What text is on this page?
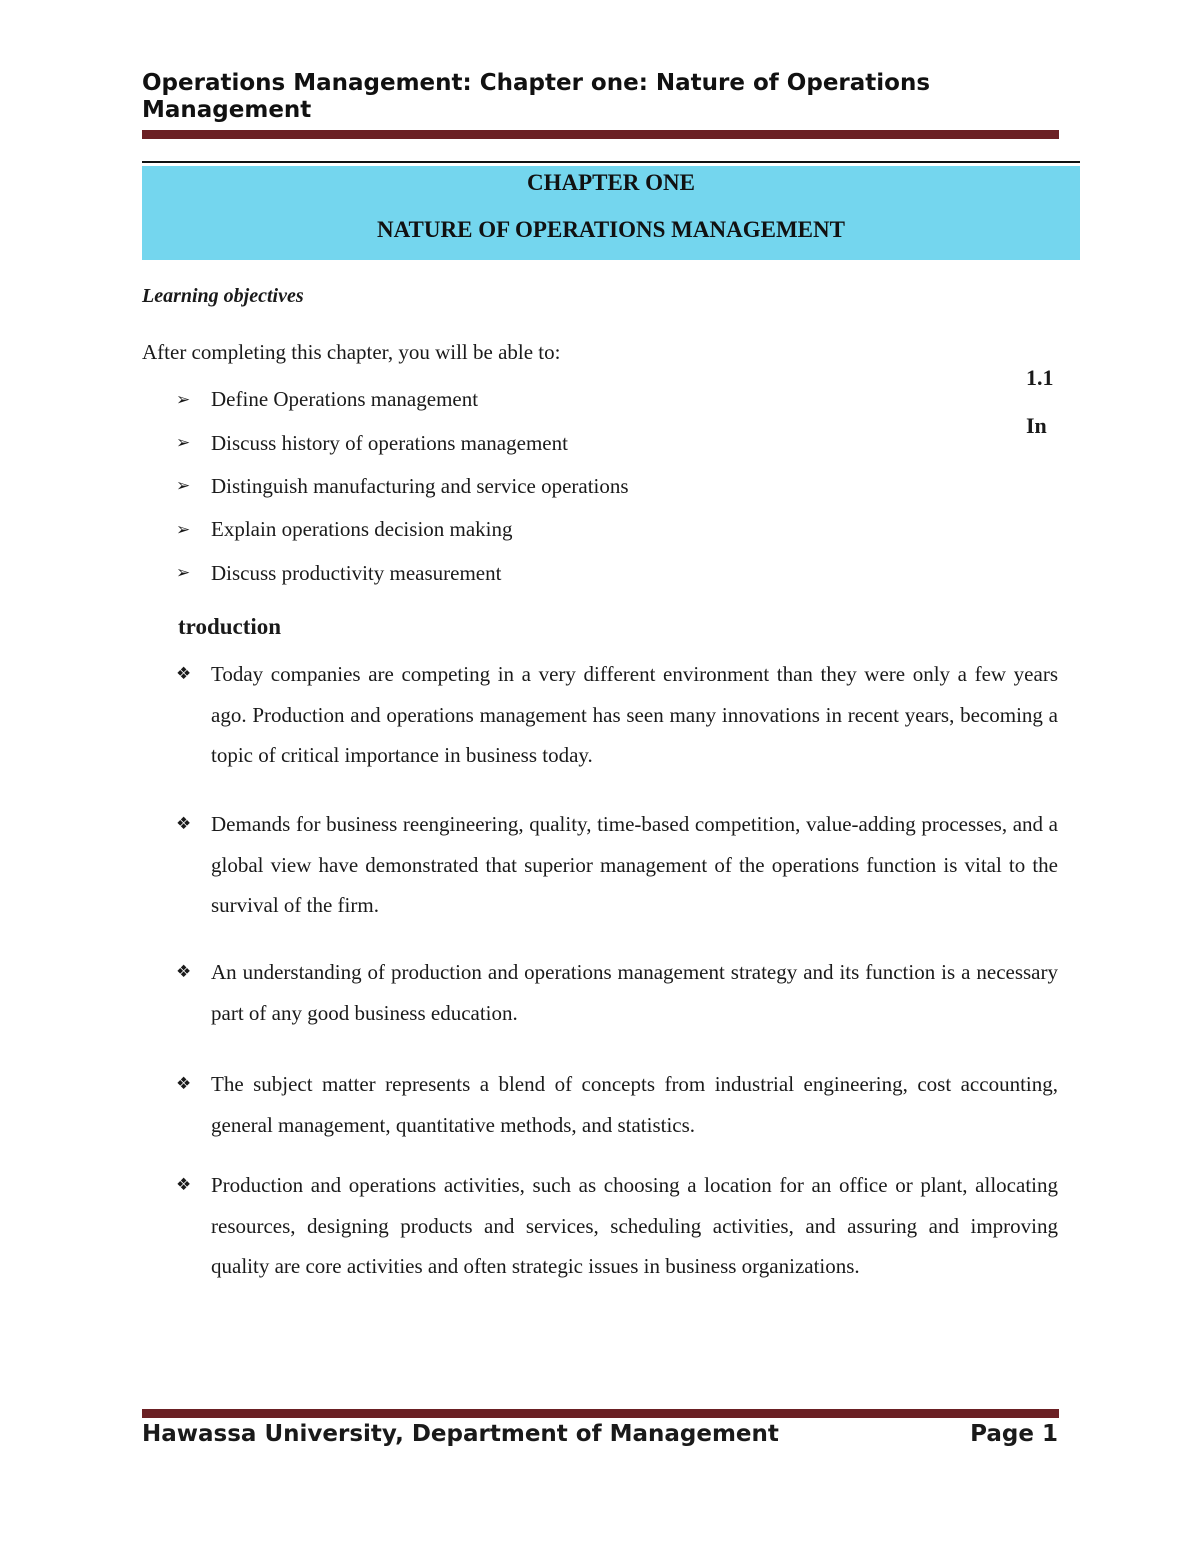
Operations Management: Chapter one: Nature of Operations Management
CHAPTER ONE
NATURE OF OPERATIONS MANAGEMENT
Learning objectives
After completing this chapter, you will be able to:
➢ Define Operations management
➢ Discuss history of operations management
➢ Distinguish manufacturing and service operations
➢ Explain operations decision making
➢ Discuss productivity measurement
1.1
In
troduction
❖ Today companies are competing in a very different environment than they were only a few years ago. Production and operations management has seen many innovations in recent years, becoming a topic of critical importance in business today.
❖ Demands for business reengineering, quality, time-based competition, value-adding processes, and a global view have demonstrated that superior management of the operations function is vital to the survival of the firm.
❖ An understanding of production and operations management strategy and its function is a necessary part of any good business education.
❖ The subject matter represents a blend of concepts from industrial engineering, cost accounting, general management, quantitative methods, and statistics.
❖ Production and operations activities, such as choosing a location for an office or plant, allocating resources, designing products and services, scheduling activities, and assuring and improving quality are core activities and often strategic issues in business organizations.
Hawassa University, Department of Management	Page 1
